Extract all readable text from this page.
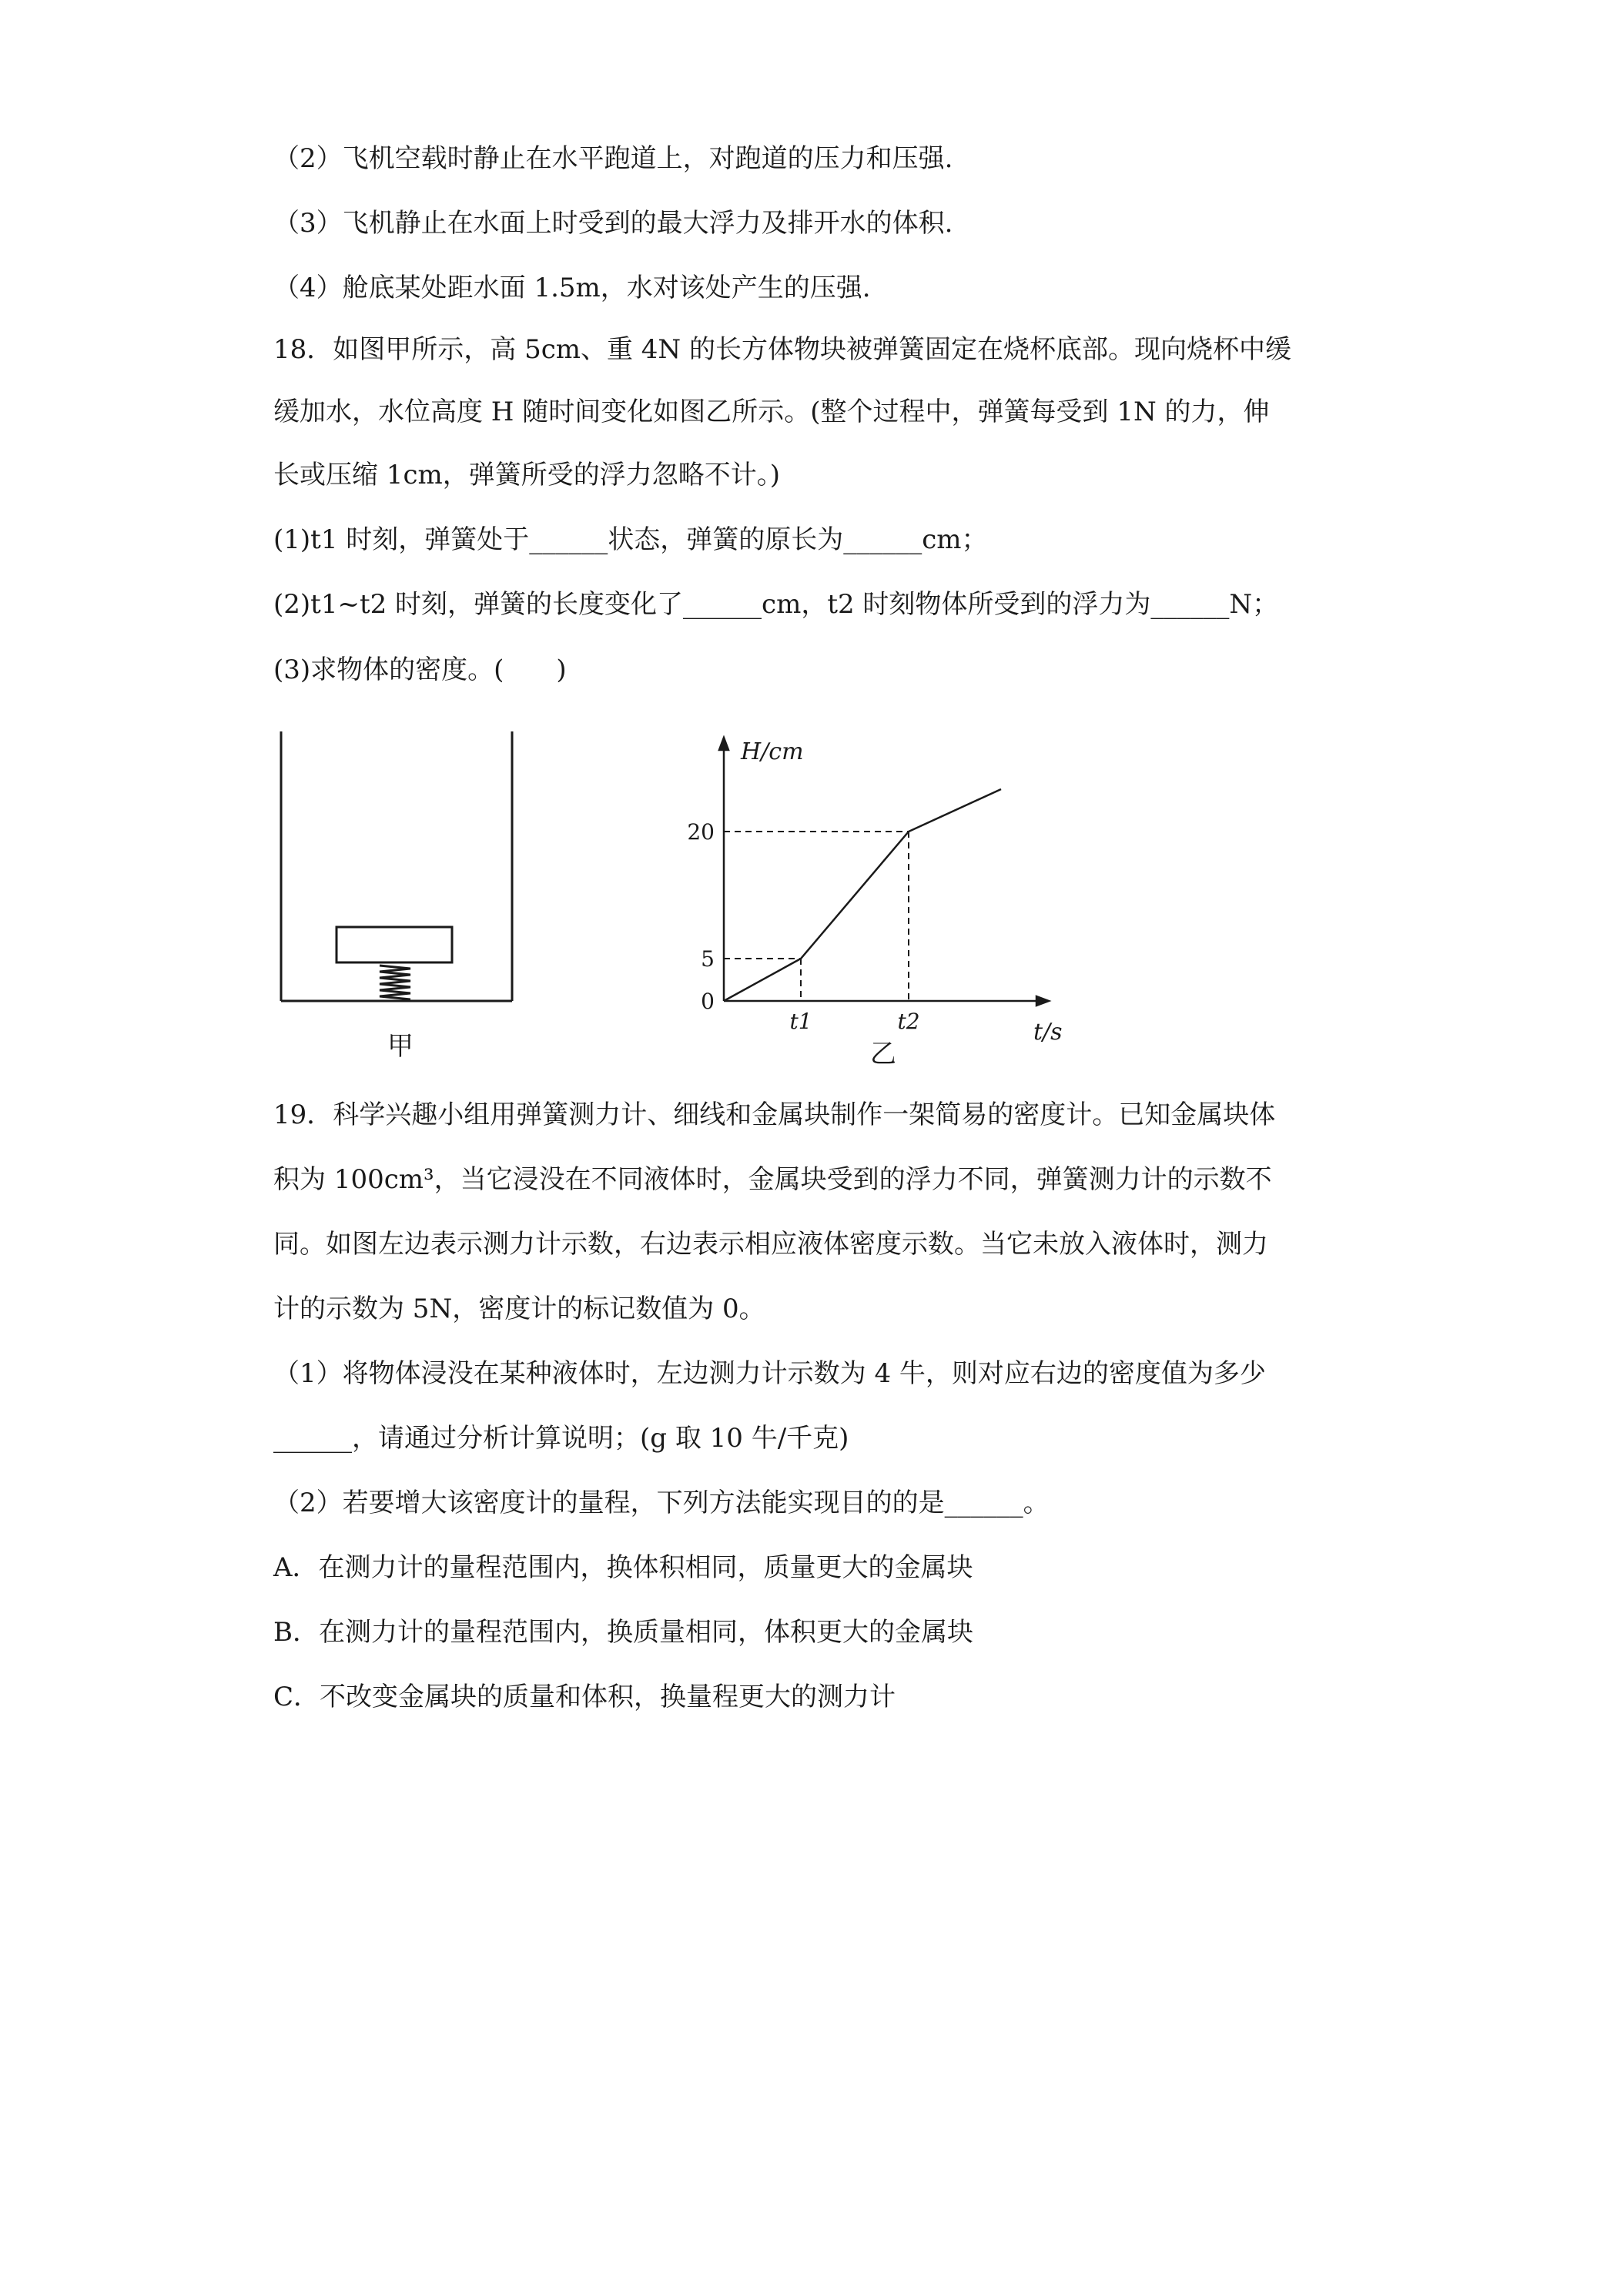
（2）飞机空载时静止在水平跑道上，对跑道的压力和压强.
（3）飞机静止在水面上时受到的最大浮力及排开水的体积.
（4）舱底某处距水面 1.5m，水对该处产生的压强.
18．如图甲所示，高 5cm、重 4N 的长方体物块被弹簧固定在烧杯底部。现向烧杯中缓
缓加水，水位高度 H 随时间变化如图乙所示。(整个过程中，弹簧每受到 1N 的力，伸
长或压缩 1cm，弹簧所受的浮力忽略不计。)
(1)t1 时刻，弹簧处于______状态，弹簧的原长为______cm；
(2)t1~t2 时刻，弹簧的长度变化了______cm，t2 时刻物体所受到的浮力为______N；
(3)求物体的密度。(　　)
甲
H/cm
t/s
0
5
20
t1	t2
乙
19．科学兴趣小组用弹簧测力计、细线和金属块制作一架简易的密度计。已知金属块体
积为 100cm³，当它浸没在不同液体时，金属块受到的浮力不同，弹簧测力计的示数不
同。如图左边表示测力计示数，右边表示相应液体密度示数。当它未放入液体时，测力
计的示数为 5N，密度计的标记数值为 0。
（1）将物体浸没在某种液体时，左边测力计示数为 4 牛，则对应右边的密度值为多少
______，请通过分析计算说明；(g 取 10 牛/千克)
（2）若要增大该密度计的量程，下列方法能实现目的的是______。
A．在测力计的量程范围内，换体积相同，质量更大的金属块
B．在测力计的量程范围内，换质量相同，体积更大的金属块
C．不改变金属块的质量和体积，换量程更大的测力计
